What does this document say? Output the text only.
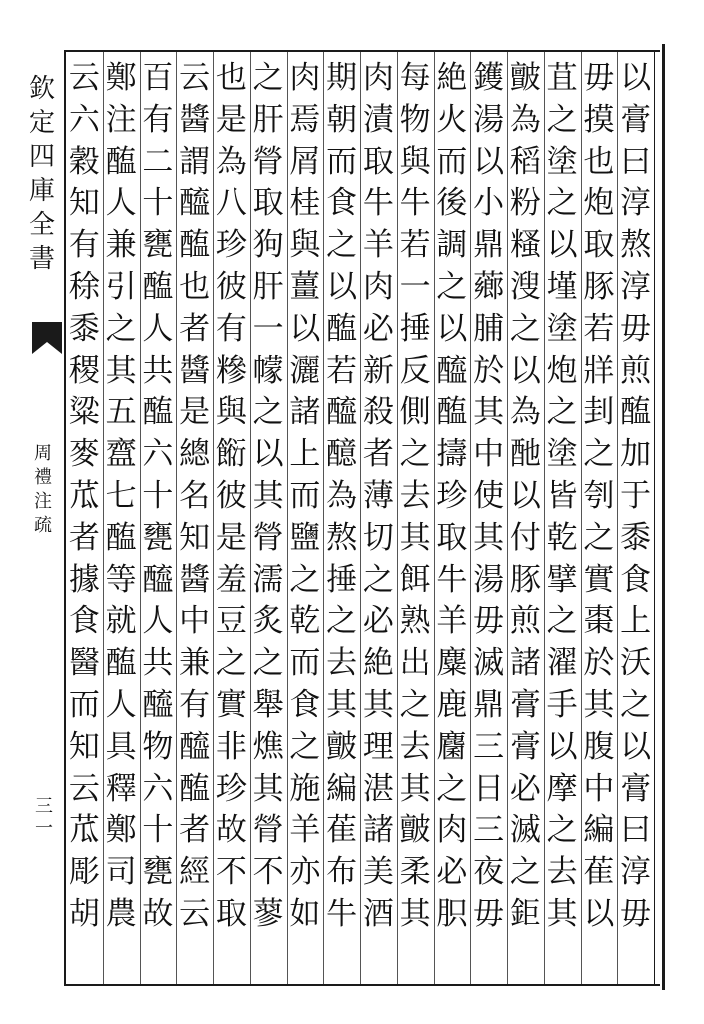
欽
定
四
庫
全
書
周
禮
注
疏
三
一
以
膏
曰
淳
熬
淳
毋
煎
醢
加
于
黍
食
上
沃
之
以
膏
曰
淳
毋
毋
摸
也
炮
取
豚
若
牂
刲
之
刳
之
實
棗
於
其
腹
中
編
萑
以
苴
之
塗
之
以
墐
塗
炮
之
塗
皆
乾
擘
之
濯
手
以
摩
之
去
其
皽
為
稻
粉
糔
溲
之
以
為
酏
以
付
豚
煎
諸
膏
膏
必
滅
之
鉅
鑊
湯
以
小
鼎
薌
脯
於
其
中
使
其
湯
毋
滅
鼎
三
日
三
夜
毋
絶
火
而
後
調
之
以
醯
醢
擣
珍
取
牛
羊
麋
鹿
麕
之
肉
必
胑
每
物
與
牛
若
一
捶
反
側
之
去
其
餌
熟
出
之
去
其
皽
柔
其
肉
漬
取
牛
羊
肉
必
新
殺
者
薄
切
之
必
絶
其
理
湛
諸
美
酒
期
朝
而
食
之
以
醢
若
醯
醷
為
熬
捶
之
去
其
皽
編
萑
布
牛
肉
焉
屑
桂
與
薑
以
灑
諸
上
而
鹽
之
乾
而
食
之
施
羊
亦
如
之
肝
膋
取
狗
肝
一
幪
之
以
其
膋
濡
炙
之
舉
燋
其
膋
不
蓼
也
是
為
八
珍
彼
有
糝
與
餰
彼
是
羞
豆
之
實
非
珍
故
不
取
云
醬
謂
醯
醢
也
者
醬
是
總
名
知
醬
中
兼
有
醯
醢
者
經
云
百
有
二
十
甕
醢
人
共
醢
六
十
甕
醯
人
共
醯
物
六
十
甕
故
鄭
注
醢
人
兼
引
之
其
五
齍
七
醢
等
就
醢
人
具
釋
鄭
司
農
云
六
穀
知
有
稌
黍
稷
粱
麥
苽
者
據
食
醫
而
知
云
苽
彫
胡
